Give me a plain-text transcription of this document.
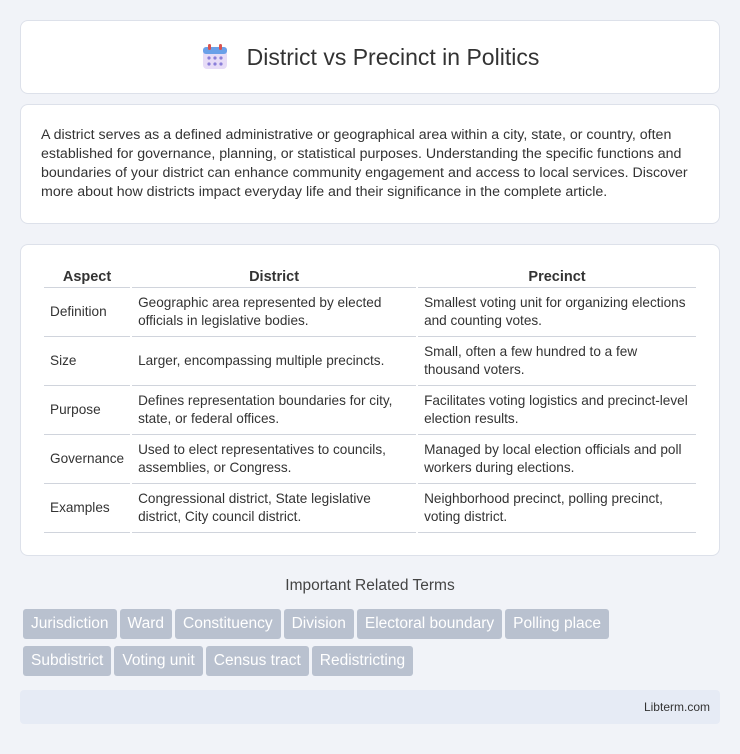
District vs Precinct in Politics

A district serves as a defined administrative or geographical area within a city, state, or country, often established for governance, planning, or statistical purposes. Understanding the specific functions and boundaries of your district can enhance community engagement and access to local services. Discover more about how districts impact everyday life and their significance in the complete article.

Aspect	District	Precinct
Definition	Geographic area represented by elected officials in legislative bodies.	Smallest voting unit for organizing elections and counting votes.
Size	Larger, encompassing multiple precincts.	Small, often a few hundred to a few thousand voters.
Purpose	Defines representation boundaries for city, state, or federal offices.	Facilitates voting logistics and precinct-level election results.
Governance	Used to elect representatives to councils, assemblies, or Congress.	Managed by local election officials and poll workers during elections.
Examples	Congressional district, State legislative district, City council district.	Neighborhood precinct, polling precinct, voting district.
Important Related Terms
Jurisdiction Ward Constituency Division Electoral boundary Polling place
Subdistrict Voting unit Census tract Redistricting
Libterm.com
